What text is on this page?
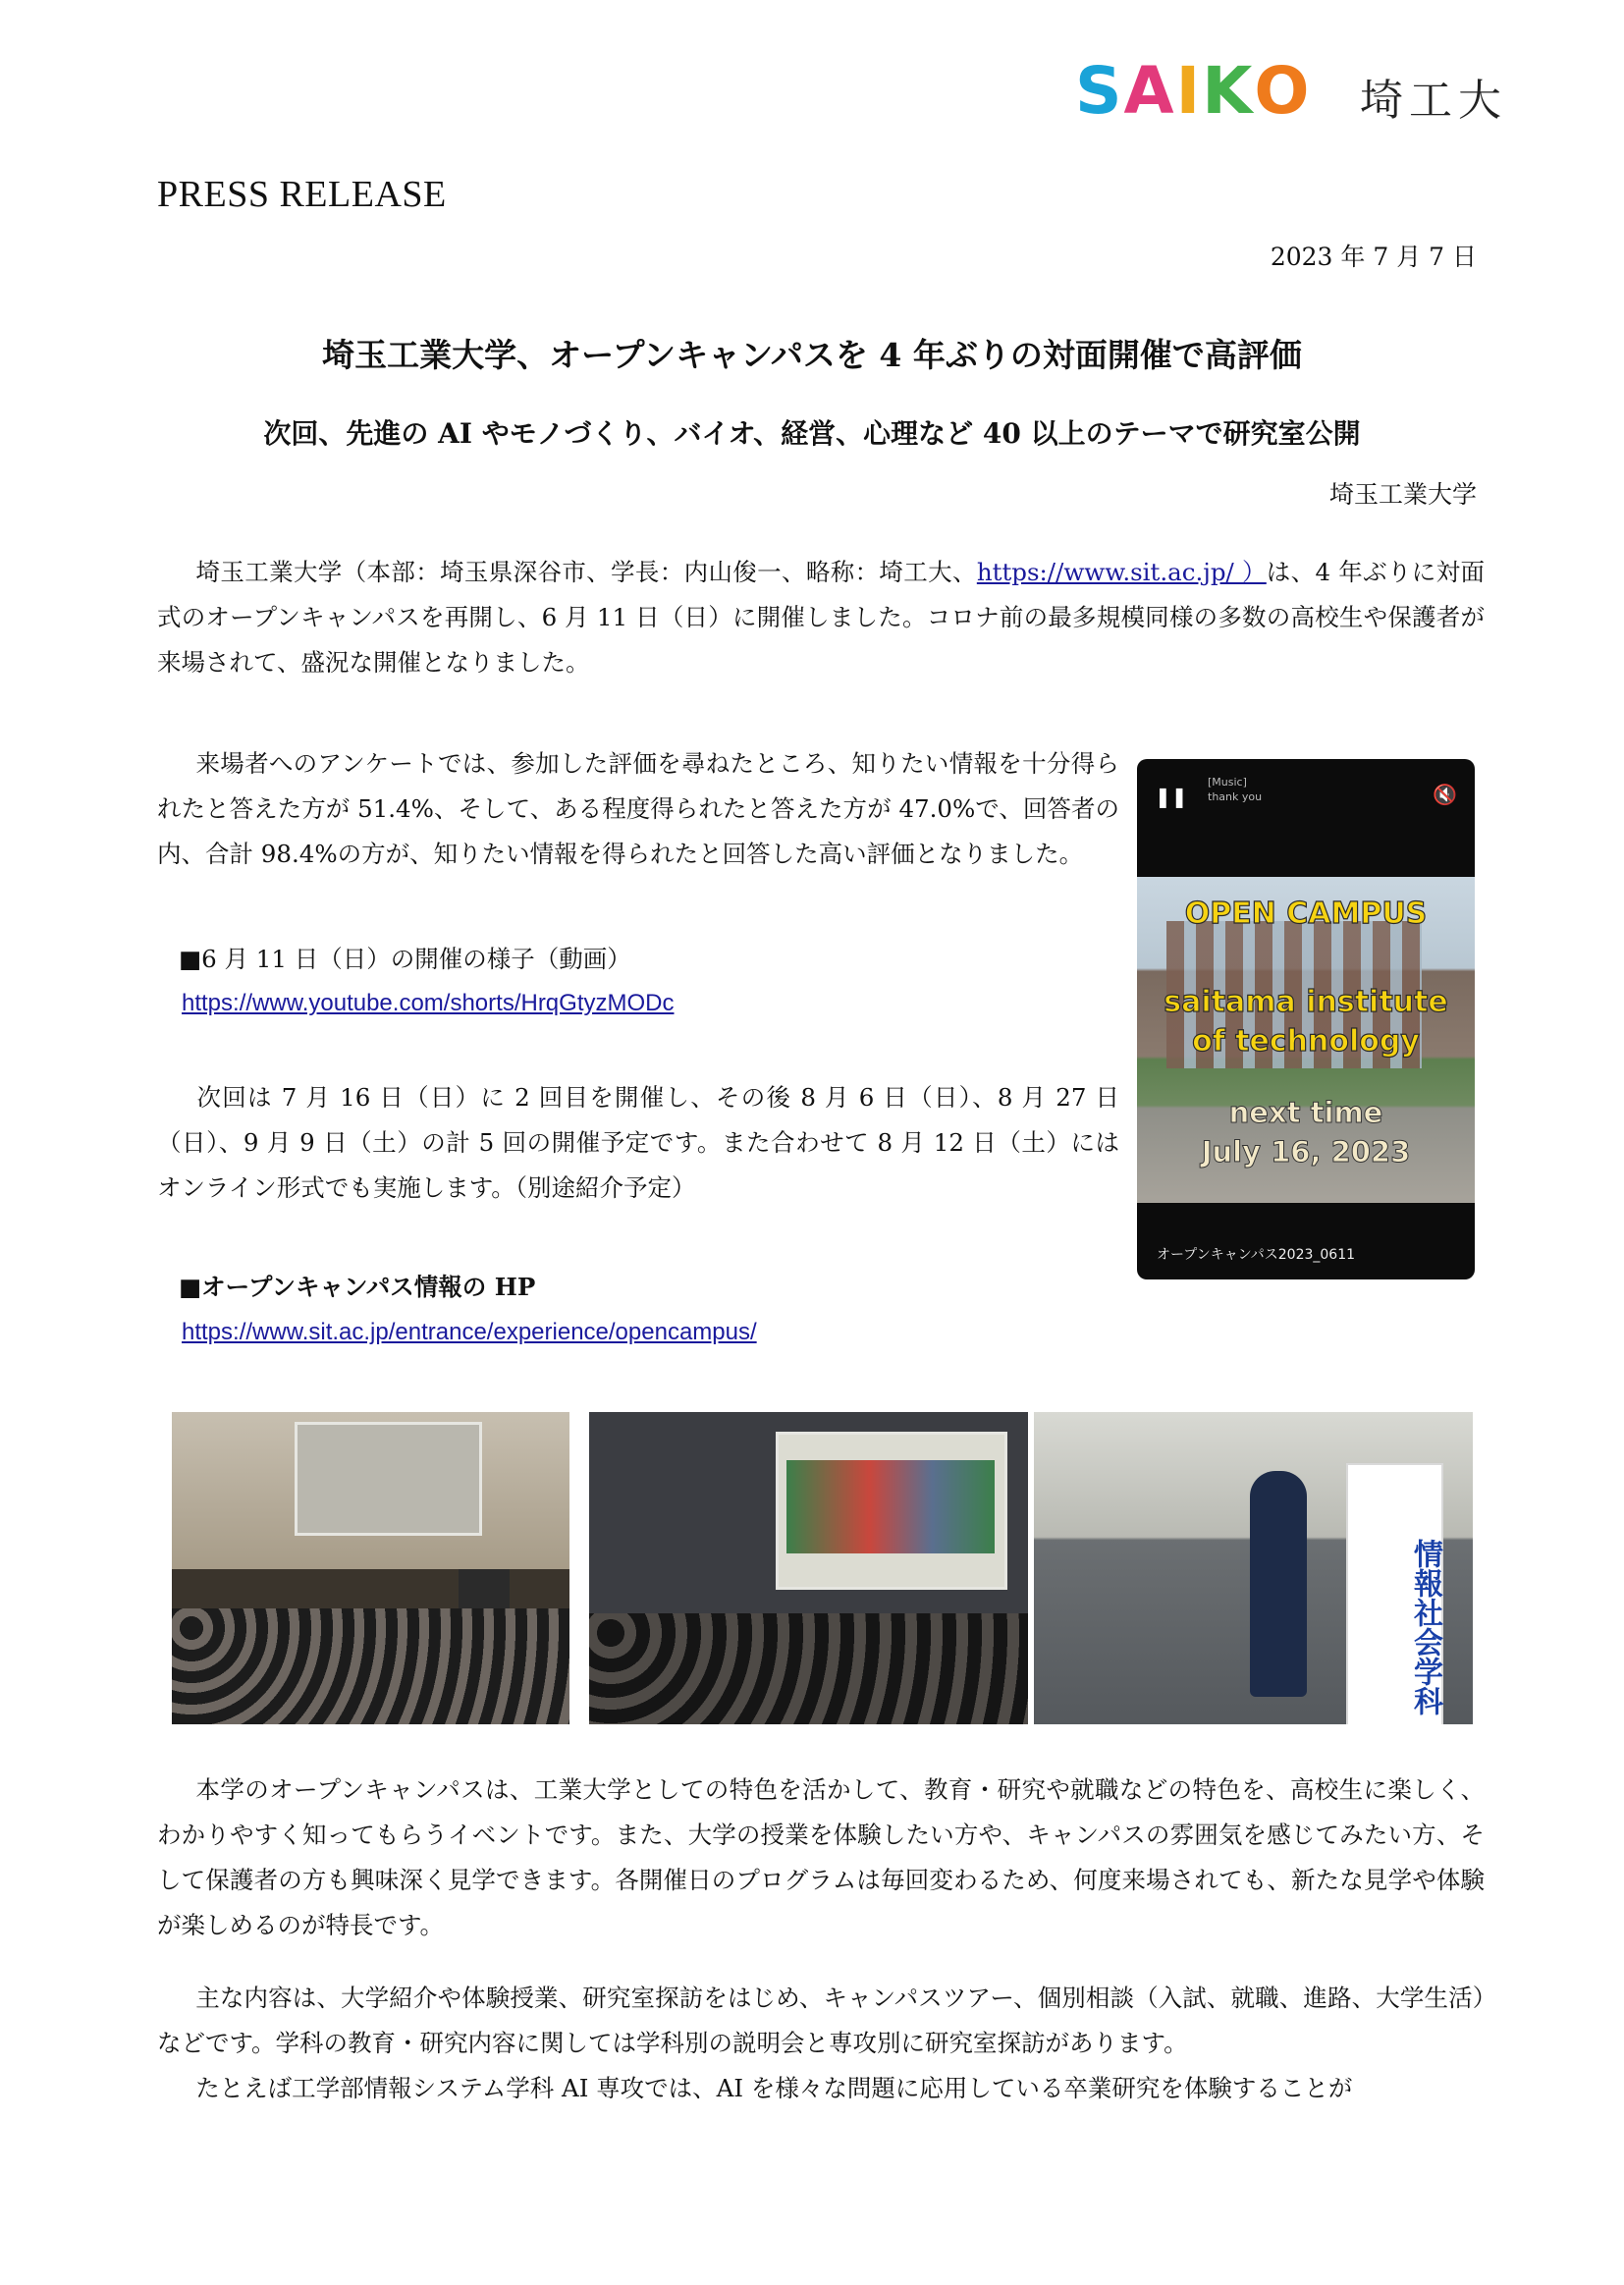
SAIKO	埼工大
PRESS RELEASE
2023 年 7 月 7 日
埼玉工業大学、オープンキャンパスを 4 年ぶりの対面開催で高評価
次回、先進の AI やモノづくり、バイオ、経営、心理など 40 以上のテーマで研究室公開
埼玉工業大学
埼玉工業大学（本部：埼玉県深谷市、学長：内山俊一、略称：埼工大、https://www.sit.ac.jp/ ）は、4 年ぶりに対面式のオープンキャンパスを再開し、6 月 11 日（日）に開催しました。コロナ前の最多規模同様の多数の高校生や保護者が来場されて、盛況な開催となりました。
来場者へのアンケートでは、参加した評価を尋ねたところ、知りたい情報を十分得られたと答えた方が 51.4%、そして、ある程度得られたと答えた方が 47.0%で、回答者の内、合計 98.4%の方が、知りたい情報を得られたと回答した高い評価となりました。
■6 月 11 日（日）の開催の様子（動画）
https://www.youtube.com/shorts/HrqGtyzMODc
次回は 7 月 16 日（日）に 2 回目を開催し、その後 8 月 6 日（日）、8 月 27 日（日）、9 月 9 日（土）の計 5 回の開催予定です。また合わせて 8 月 12 日（土）にはオンライン形式でも実施します。（別途紹介予定）
■オープンキャンパス情報の HP
https://www.sit.ac.jp/entrance/experience/opencampus/
❚❚
[Music]
thank you	🔇
OPEN CAMPUS
saitama institute
of technology
next time
July 16, 2023
オープンキャンパス2023_0611
情報社会学科
本学のオープンキャンパスは、工業大学としての特色を活かして、教育・研究や就職などの特色を、高校生に楽しく、わかりやすく知ってもらうイベントです。また、大学の授業を体験したい方や、キャンパスの雰囲気を感じてみたい方、そして保護者の方も興味深く見学できます。各開催日のプログラムは毎回変わるため、何度来場されても、新たな見学や体験が楽しめるのが特長です。
主な内容は、大学紹介や体験授業、研究室探訪をはじめ、キャンパスツアー、個別相談（入試、就職、進路、大学生活）などです。学科の教育・研究内容に関しては学科別の説明会と専攻別に研究室探訪があります。
たとえば工学部情報システム学科 AI 専攻では、AI を様々な問題に応用している卒業研究を体験することが
